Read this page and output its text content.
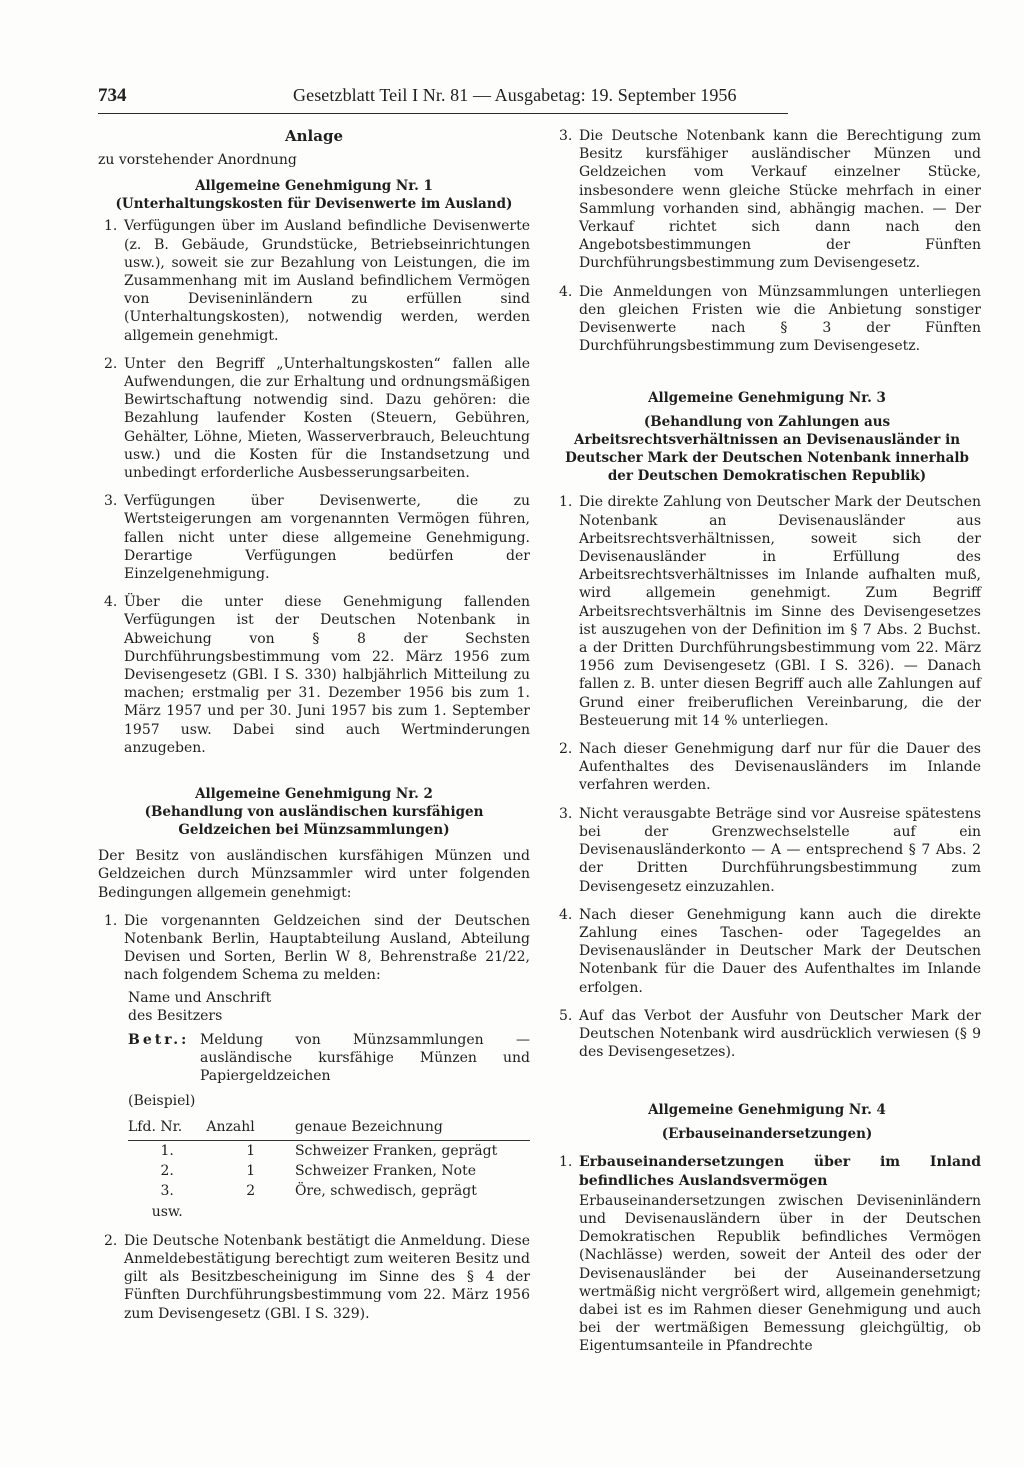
734	Gesetzblatt Teil I Nr. 81 — Ausgabetag: 19. September 1956
Anlage
zu vorstehender Anordnung
Allgemeine Genehmigung Nr. 1
(Unterhaltungskosten für Devisenwerte im Ausland)
1. Verfügungen über im Ausland befindliche Devisenwerte (z. B. Gebäude, Grundstücke, Betriebseinrichtungen usw.), soweit sie zur Bezahlung von Leistungen, die im Zusammenhang mit im Ausland befindlichem Vermögen von Deviseninländern zu erfüllen sind (Unterhaltungskosten), notwendig werden, werden allgemein genehmigt.
2. Unter den Begriff „Unterhaltungskosten“ fallen alle Aufwendungen, die zur Erhaltung und ordnungsmäßigen Bewirtschaftung notwendig sind. Dazu gehören: die Bezahlung laufender Kosten (Steuern, Gebühren, Gehälter, Löhne, Mieten, Wasserverbrauch, Beleuchtung usw.) und die Kosten für die Instandsetzung und unbedingt erforderliche Ausbesserungsarbeiten.
3. Verfügungen über Devisenwerte, die zu Wertsteigerungen am vorgenannten Vermögen führen, fallen nicht unter diese allgemeine Genehmigung. Derartige Verfügungen bedürfen der Einzelgenehmigung.
4. Über die unter diese Genehmigung fallenden Verfügungen ist der Deutschen Notenbank in Abweichung von § 8 der Sechsten Durchführungsbestimmung vom 22. März 1956 zum Devisengesetz (GBl. I S. 330) halbjährlich Mitteilung zu machen; erstmalig per 31. Dezember 1956 bis zum 1. März 1957 und per 30. Juni 1957 bis zum 1. September 1957 usw. Dabei sind auch Wertminderungen anzugeben.
Allgemeine Genehmigung Nr. 2
(Behandlung von ausländischen kursfähigen Geldzeichen bei Münzsammlungen)
Der Besitz von ausländischen kursfähigen Münzen und Geldzeichen durch Münzsammler wird unter folgenden Bedingungen allgemein genehmigt:
1. Die vorgenannten Geldzeichen sind der Deutschen Notenbank Berlin, Hauptabteilung Ausland, Abteilung Devisen und Sorten, Berlin W 8, Behrenstraße 21/22, nach folgendem Schema zu melden:
Name und Anschrift
des Besitzers
Betr.: Meldung von Münzsammlungen — ausländische kursfähige Münzen und Papiergeldzeichen
(Beispiel)
Lfd. Nr.	Anzahl	genaue Bezeichnung
1.	1	Schweizer Franken, geprägt
2.	1	Schweizer Franken, Note
3.	2	Öre, schwedisch, geprägt
usw.		
2. Die Deutsche Notenbank bestätigt die Anmeldung. Diese Anmeldebestätigung berechtigt zum weiteren Besitz und gilt als Besitzbescheinigung im Sinne des § 4 der Fünften Durchführungsbestimmung vom 22. März 1956 zum Devisengesetz (GBl. I S. 329).
3. Die Deutsche Notenbank kann die Berechtigung zum Besitz kursfähiger ausländischer Münzen und Geldzeichen vom Verkauf einzelner Stücke, insbesondere wenn gleiche Stücke mehrfach in einer Sammlung vorhanden sind, abhängig machen. — Der Verkauf richtet sich dann nach den Angebotsbestimmungen der Fünften Durchführungsbestimmung zum Devisengesetz.
4. Die Anmeldungen von Münzsammlungen unterliegen den gleichen Fristen wie die Anbietung sonstiger Devisenwerte nach § 3 der Fünften Durchführungsbestimmung zum Devisengesetz.
Allgemeine Genehmigung Nr. 3
(Behandlung von Zahlungen aus Arbeitsrechtsverhältnissen an Devisenausländer in Deutscher Mark der Deutschen Notenbank innerhalb der Deutschen Demokratischen Republik)
1. Die direkte Zahlung von Deutscher Mark der Deutschen Notenbank an Devisenausländer aus Arbeitsrechtsverhältnissen, soweit sich der Devisenausländer in Erfüllung des Arbeitsrechtsverhältnisses im Inlande aufhalten muß, wird allgemein genehmigt. Zum Begriff Arbeitsrechtsverhältnis im Sinne des Devisengesetzes ist auszugehen von der Definition im § 7 Abs. 2 Buchst. a der Dritten Durchführungsbestimmung vom 22. März 1956 zum Devisengesetz (GBl. I S. 326). — Danach fallen z. B. unter diesen Begriff auch alle Zahlungen auf Grund einer freiberuflichen Vereinbarung, die der Besteuerung mit 14 % unterliegen.
2. Nach dieser Genehmigung darf nur für die Dauer des Aufenthaltes des Devisenausländers im Inlande verfahren werden.
3. Nicht verausgabte Beträge sind vor Ausreise spätestens bei der Grenzwechselstelle auf ein Devisenausländerkonto — A — entsprechend § 7 Abs. 2 der Dritten Durchführungsbestimmung zum Devisengesetz einzuzahlen.
4. Nach dieser Genehmigung kann auch die direkte Zahlung eines Taschen- oder Tagegeldes an Devisenausländer in Deutscher Mark der Deutschen Notenbank für die Dauer des Aufenthaltes im Inlande erfolgen.
5. Auf das Verbot der Ausfuhr von Deutscher Mark der Deutschen Notenbank wird ausdrücklich verwiesen (§ 9 des Devisengesetzes).
Allgemeine Genehmigung Nr. 4
(Erbauseinandersetzungen)
1. Erbauseinandersetzungen über im Inland befindliches Auslandsvermögen
Erbauseinandersetzungen zwischen Deviseninländern und Devisenausländern über in der Deutschen Demokratischen Republik befindliches Vermögen (Nachlässe) werden, soweit der Anteil des oder der Devisenausländer bei der Auseinandersetzung wertmäßig nicht vergrößert wird, allgemein genehmigt; dabei ist es im Rahmen dieser Genehmigung und auch bei der wertmäßigen Bemessung gleichgültig, ob Eigentumsanteile in Pfandrechte
